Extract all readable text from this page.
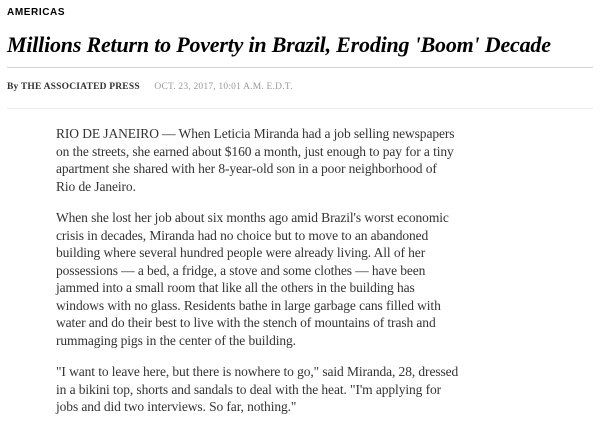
AMERICAS
Millions Return to Poverty in Brazil, Eroding 'Boom' Decade
By THE ASSOCIATED PRESS OCT. 23, 2017, 10:01 A.M. E.D.T.

RIO DE JANEIRO — When Leticia Miranda had a job selling newspapers
on the streets, she earned about $160 a month, just enough to pay for a tiny
apartment she shared with her 8-year-old son in a poor neighborhood of
Rio de Janeiro.

When she lost her job about six months ago amid Brazil's worst economic
crisis in decades, Miranda had no choice but to move to an abandoned
building where several hundred people were already living. All of her
possessions — a bed, a fridge, a stove and some clothes — have been
jammed into a small room that like all the others in the building has
windows with no glass. Residents bathe in large garbage cans filled with
water and do their best to live with the stench of mountains of trash and
rummaging pigs in the center of the building.

"I want to leave here, but there is nowhere to go," said Miranda, 28, dressed
in a bikini top, shorts and sandals to deal with the heat. "I'm applying for
jobs and did two interviews. So far, nothing."
